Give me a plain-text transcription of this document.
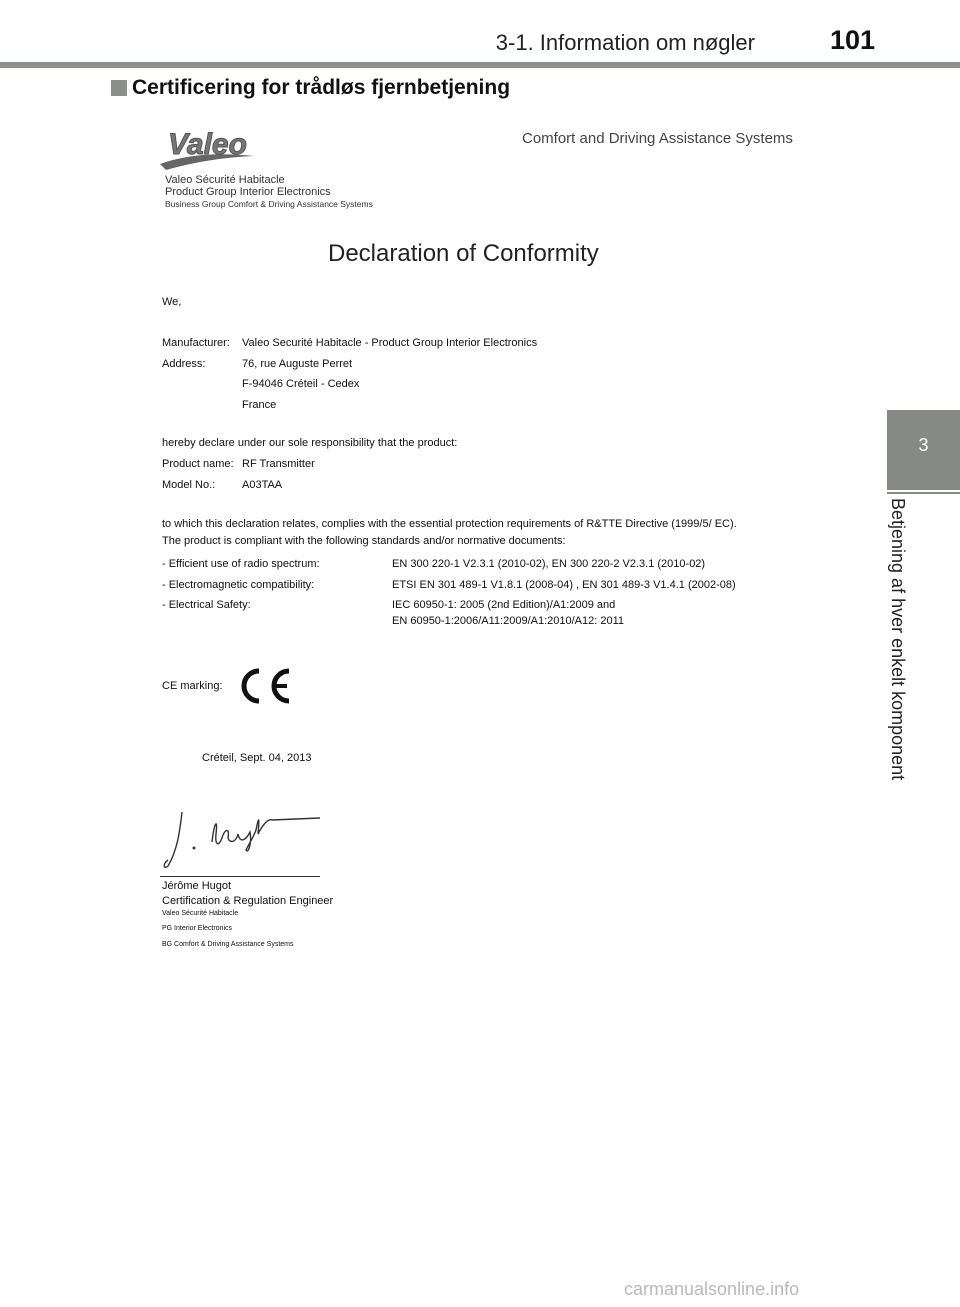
3-1. Information om nøgler	101
Certificering for trådløs fjernbetjening
3
Betjening af hver enkelt komponent
Valeo	Comfort and Driving Assistance Systems
Valeo Sécurité Habitacle
Product Group Interior Electronics
Business Group Comfort & Driving Assistance Systems
Declaration of Conformity
We,
Manufacturer: Valeo Securité Habitacle - Product Group Interior Electronics
Address:	76, rue Auguste Perret
F-94046 Créteil - Cedex
France
hereby declare under our sole responsibility that the product:
Product name: RF Transmitter
Model No.: A03TAA
to which this declaration relates, complies with the essential protection requirements of R&TTE Directive (1999/5/ EC).
The product is compliant with the following standards and/or normative documents:
- Efficient use of radio spectrum:	EN 300 220-1 V2.3.1 (2010-02), EN 300 220-2 V2.3.1 (2010-02)
- Electromagnetic compatibility:	ETSI EN 301 489-1 V1.8.1 (2008-04) , EN 301 489-3 V1.4.1 (2002-08)
- Electrical Safety:	IEC 60950-1: 2005 (2nd Edition)/A1:2009 and
EN 60950-1:2006/A11:2009/A1:2010/A12: 2011
CE marking:
Créteil, Sept. 04, 2013
Jérôme Hugot
Certification & Regulation Engineer
Valeo Sécurité Habitacle
PG Interior Electronics
BG Comfort & Driving Assistance Systems
carmanualsonline.info
